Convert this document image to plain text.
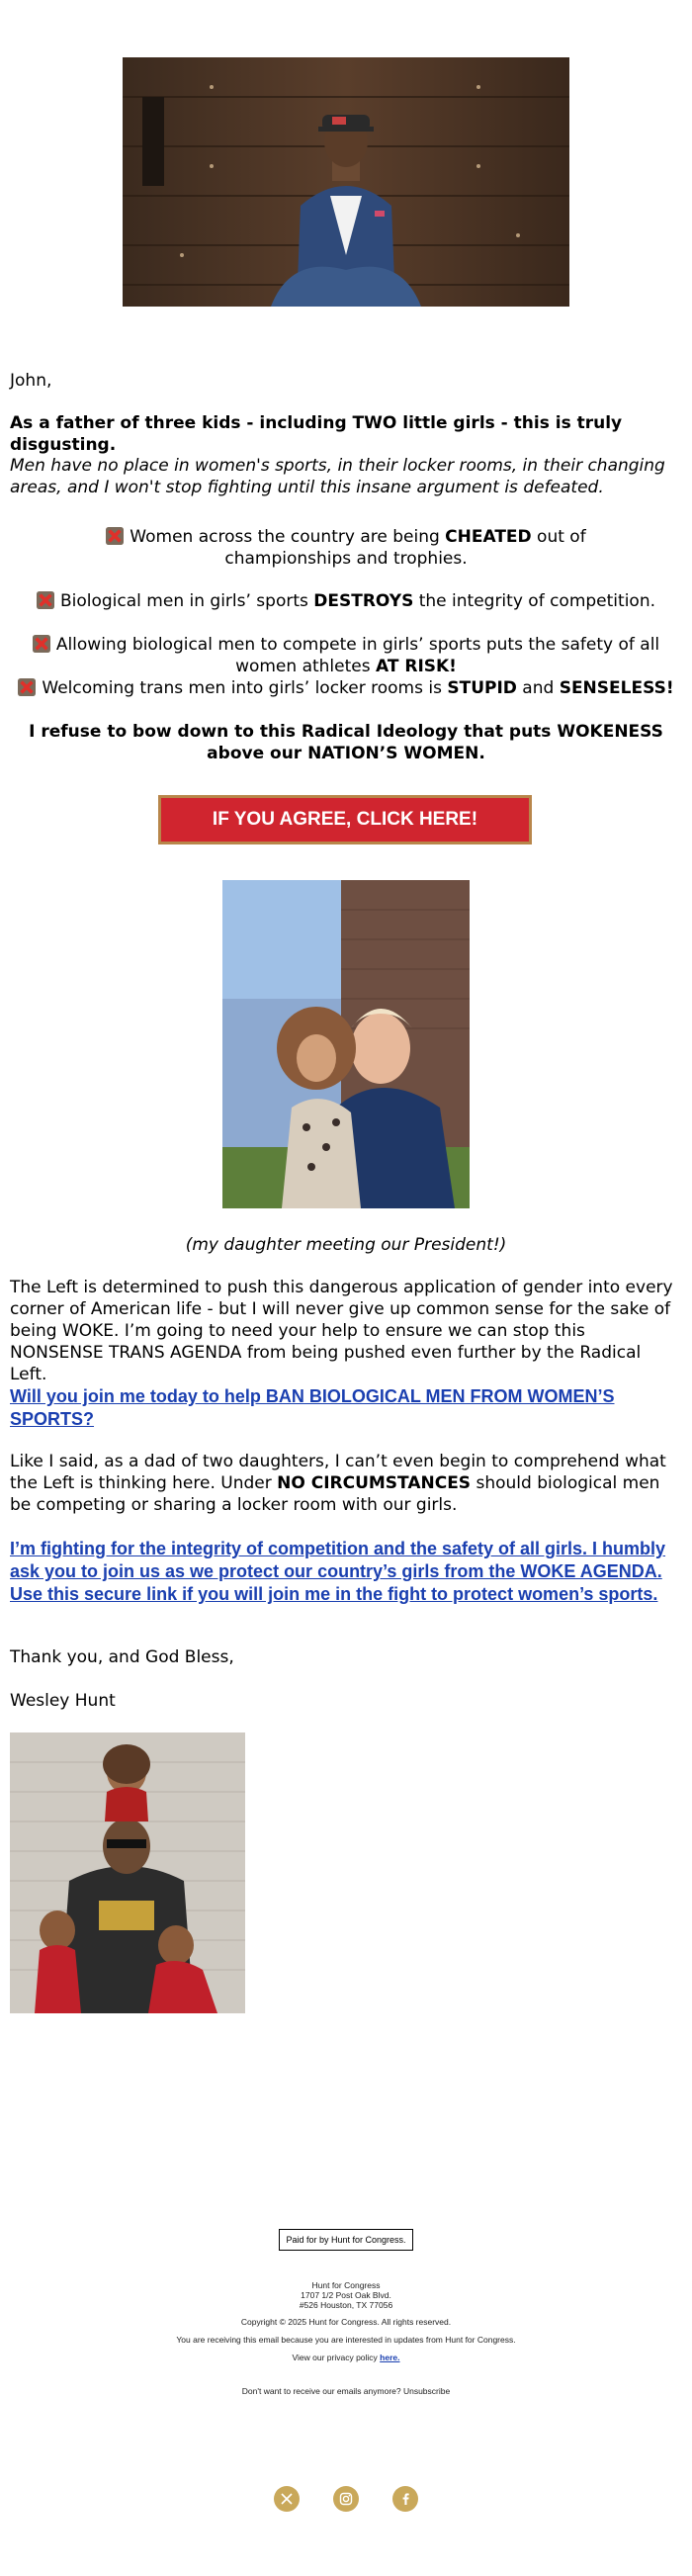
John,
As a father of three kids - including TWO little girls - this is truly disgusting.
Men have no place in women's sports, in their locker rooms, in their changing areas, and I won't stop fighting until this insane argument is defeated.
Women across the country are being CHEATED out of championships and trophies.
Biological men in girls’ sports DESTROYS the integrity of competition.
Allowing biological men to compete in girls’ sports puts the safety of all women athletes AT RISK!
Welcoming trans men into girls’ locker rooms is STUPID and SENSELESS!
I refuse to bow down to this Radical Ideology that puts WOKENESS above our NATION’S WOMEN.
IF YOU AGREE, CLICK HERE!
(my daughter meeting our President!)
The Left is determined to push this dangerous application of gender into every corner of American life - but I will never give up common sense for the sake of being WOKE. I’m going to need your help to ensure we can stop this NONSENSE TRANS AGENDA from being pushed even further by the Radical Left.
Will you join me today to help BAN BIOLOGICAL MEN FROM WOMEN’S SPORTS?
Like I said, as a dad of two daughters, I can’t even begin to comprehend what the Left is thinking here. Under NO CIRCUMSTANCES should biological men be competing or sharing a locker room with our girls.
I’m fighting for the integrity of competition and the safety of all girls. I humbly ask you to join us as we protect our country’s girls from the WOKE AGENDA. Use this secure link if you will join me in the fight to protect women’s sports.
Thank you, and God Bless,
Wesley Hunt
Paid for by Hunt for Congress.
Hunt for Congress
1707 1/2 Post Oak Blvd.
#526 Houston, TX 77056
Copyright © 2025 Hunt for Congress. All rights reserved.
You are receiving this email because you are interested in updates from Hunt for Congress.
View our privacy policy here.
Don't want to receive our emails anymore? Unsubscribe
